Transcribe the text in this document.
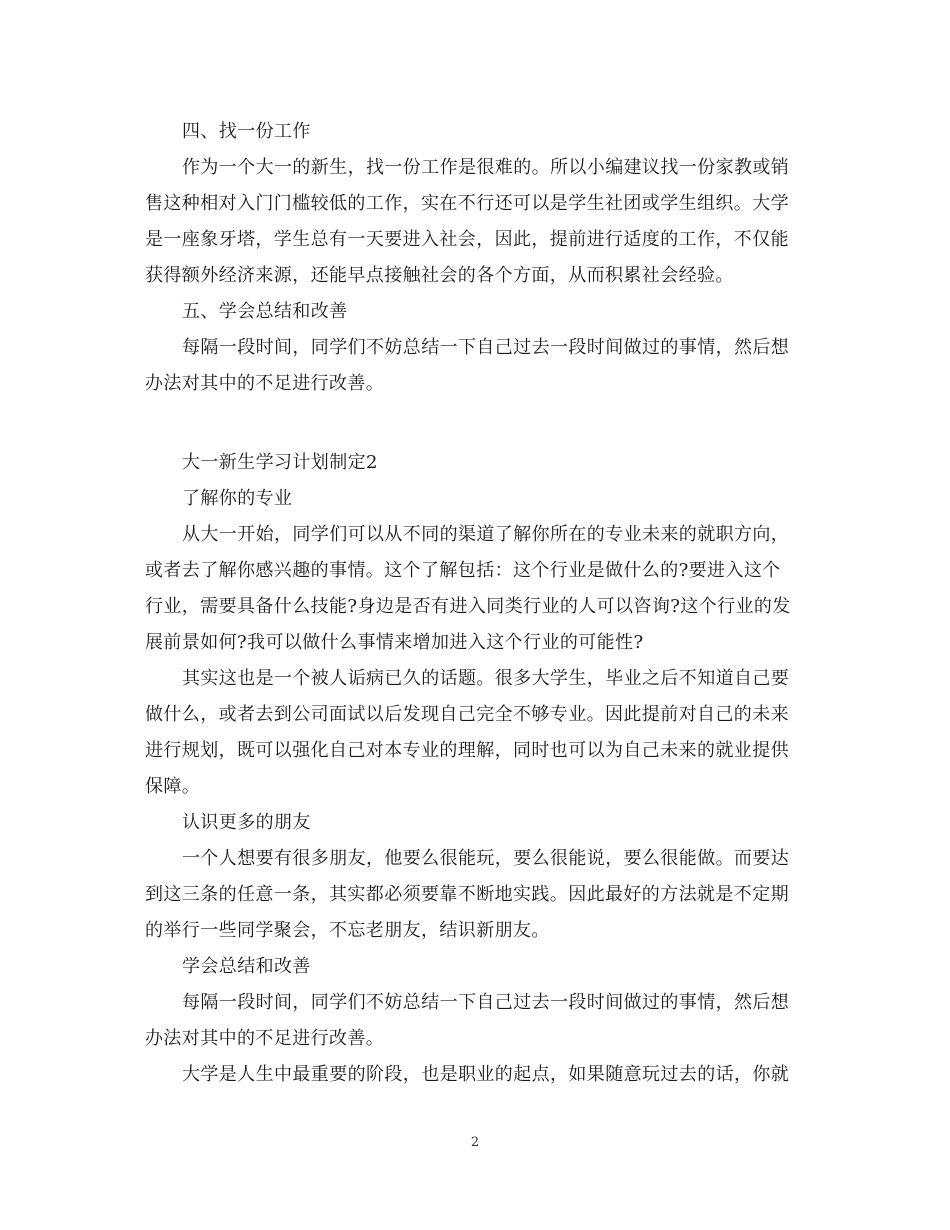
四、找一份工作
作为一个大一的新生，找一份工作是很难的。所以小编建议找一份家教或销
售这种相对入门门槛较低的工作，实在不行还可以是学生社团或学生组织。大学
是一座象牙塔，学生总有一天要进入社会，因此，提前进行适度的工作，不仅能
获得额外经济来源，还能早点接触社会的各个方面，从而积累社会经验。
五、学会总结和改善
每隔一段时间，同学们不妨总结一下自己过去一段时间做过的事情，然后想
办法对其中的不足进行改善。
大一新生学习计划制定2
了解你的专业
从大一开始，同学们可以从不同的渠道了解你所在的专业未来的就职方向，
或者去了解你感兴趣的事情。这个了解包括：这个行业是做什么的?要进入这个
行业，需要具备什么技能?身边是否有进入同类行业的人可以咨询?这个行业的发
展前景如何?我可以做什么事情来增加进入这个行业的可能性?
其实这也是一个被人诟病已久的话题。很多大学生，毕业之后不知道自己要
做什么，或者去到公司面试以后发现自己完全不够专业。因此提前对自己的未来
进行规划，既可以强化自己对本专业的理解，同时也可以为自己未来的就业提供
保障。
认识更多的朋友
一个人想要有很多朋友，他要么很能玩，要么很能说，要么很能做。而要达
到这三条的任意一条，其实都必须要靠不断地实践。因此最好的方法就是不定期
的举行一些同学聚会，不忘老朋友，结识新朋友。
学会总结和改善
每隔一段时间，同学们不妨总结一下自己过去一段时间做过的事情，然后想
办法对其中的不足进行改善。
大学是人生中最重要的阶段，也是职业的起点，如果随意玩过去的话，你就
2
